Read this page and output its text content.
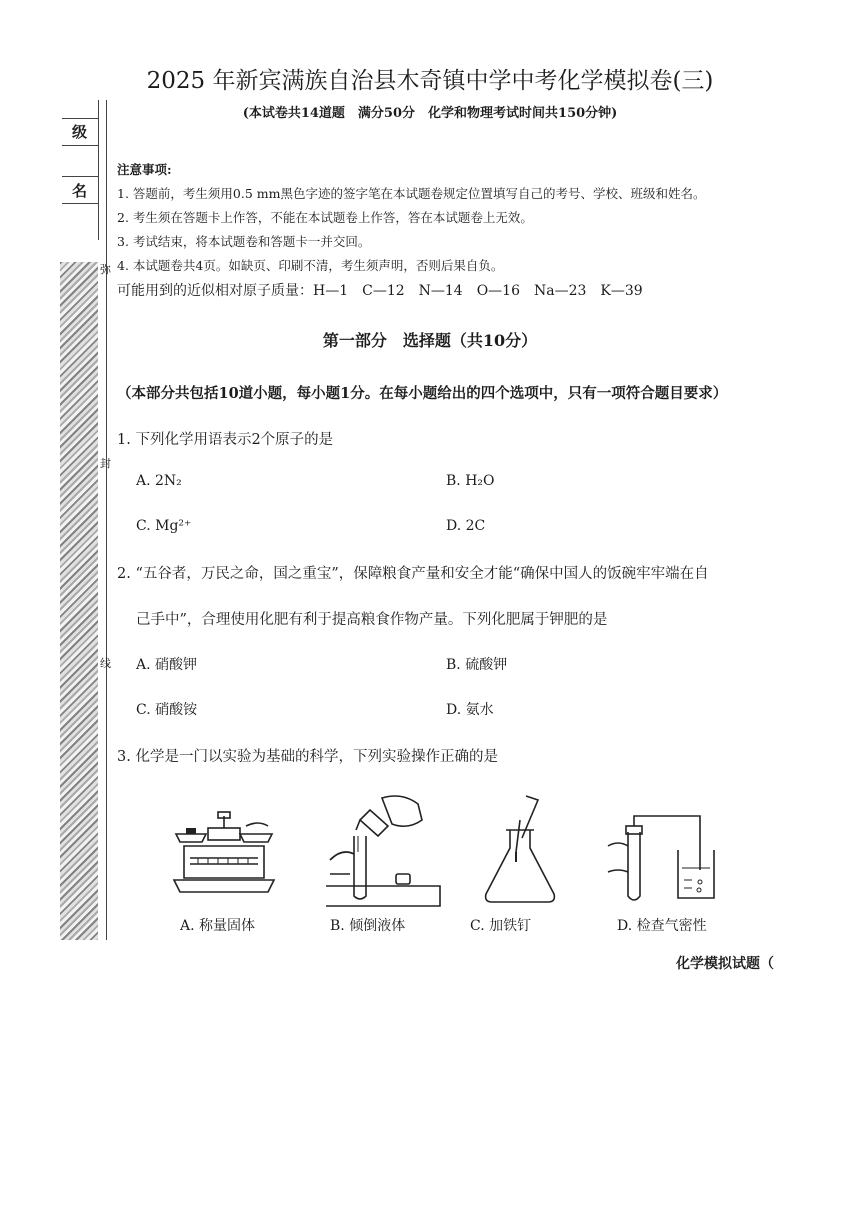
级
名
弥
封
线
2025 年新宾满族自治县木奇镇中学中考化学模拟卷(三)
(本试卷共14道题　满分50分　化学和物理考试时间共150分钟)
注意事项:
1. 答题前，考生须用0.5 mm黑色字迹的签字笔在本试题卷规定位置填写自己的考号、学校、班级和姓名。
2. 考生须在答题卡上作答，不能在本试题卷上作答，答在本试题卷上无效。
3. 考试结束，将本试题卷和答题卡一并交回。
4. 本试题卷共4页。如缺页、印刷不清，考生须声明，否则后果自负。
可能用到的近似相对原子质量：H—1　C—12　N—14　O—16　Na—23　K—39
第一部分　选择题（共10分）
（本部分共包括10道小题，每小题1分。在每小题给出的四个选项中，只有一项符合题目要求）
1. 下列化学用语表示2个原子的是
A. 2N₂	B. H₂O
C. Mg²⁺	D. 2C
2. “五谷者，万民之命，国之重宝”，保障粮食产量和安全才能“确保中国人的饭碗牢牢端在自
己手中”，合理使用化肥有利于提高粮食作物产量。下列化肥属于钾肥的是
A. 硝酸钾	B. 硫酸钾
C. 硝酸铵	D. 氨水
3. 化学是一门以实验为基础的科学，下列实验操作正确的是
A. 称量固体	B. 倾倒液体	C. 加铁钉	D. 检查气密性
化学模拟试题（
